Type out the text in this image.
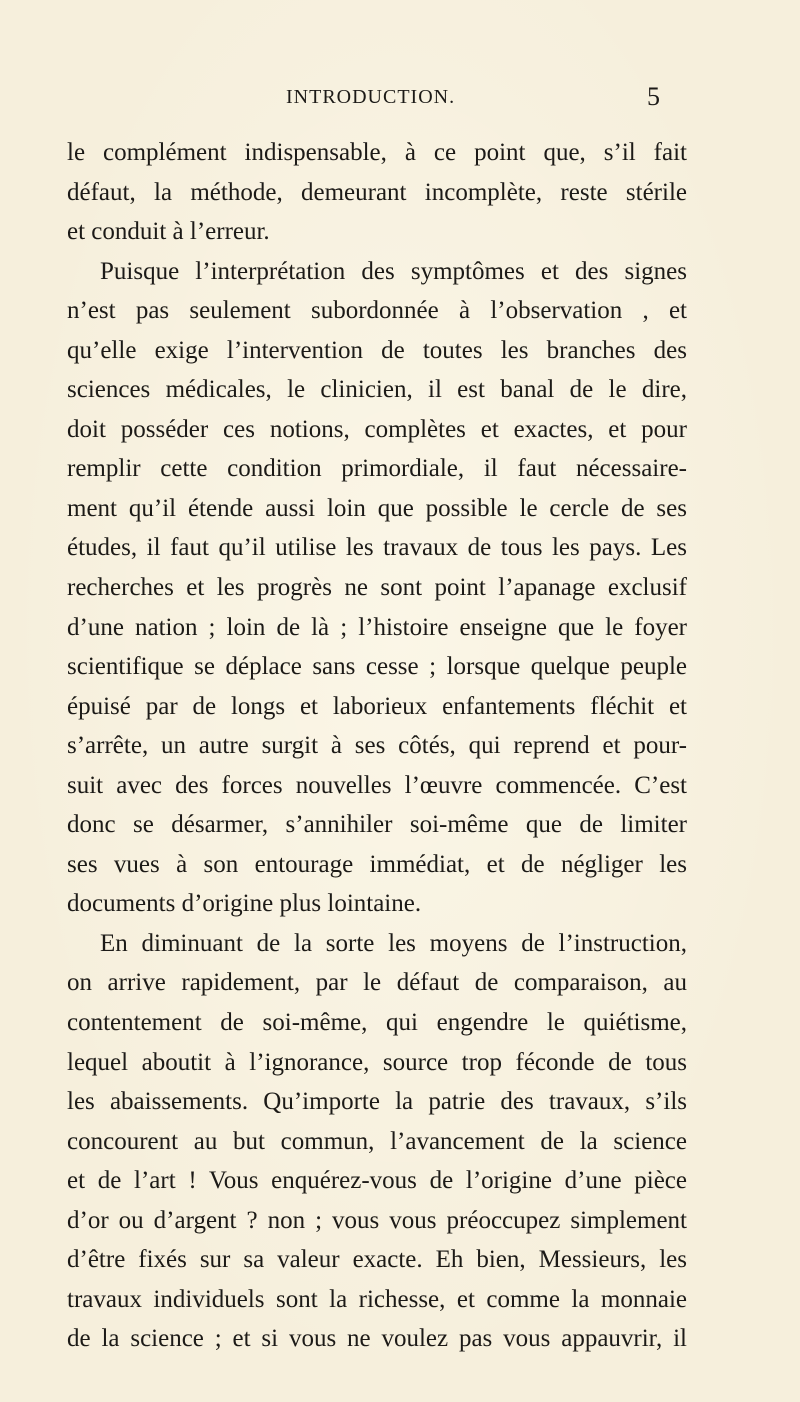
INTRODUCTION.	5
le complément indispensable, à ce point que, s’il fait
défaut, la méthode, demeurant incomplète, reste stérile
et conduit à l’erreur.
Puisque l’interprétation des symptômes et des signes
n’est pas seulement subordonnée à l’observation , et
qu’elle exige l’intervention de toutes les branches des
sciences médicales, le clinicien, il est banal de le dire,
doit posséder ces notions, complètes et exactes, et pour
remplir cette condition primordiale, il faut nécessaire-
ment qu’il étende aussi loin que possible le cercle de ses
études, il faut qu’il utilise les travaux de tous les pays. Les
recherches et les progrès ne sont point l’apanage exclusif
d’une nation ; loin de là ; l’histoire enseigne que le foyer
scientifique se déplace sans cesse ; lorsque quelque peuple
épuisé par de longs et laborieux enfantements fléchit et
s’arrête, un autre surgit à ses côtés, qui reprend et pour-
suit avec des forces nouvelles l’œuvre commencée. C’est
donc se désarmer, s’annihiler soi-même que de limiter
ses vues à son entourage immédiat, et de négliger les
documents d’origine plus lointaine.
En diminuant de la sorte les moyens de l’instruction,
on arrive rapidement, par le défaut de comparaison, au
contentement de soi-même, qui engendre le quiétisme,
lequel aboutit à l’ignorance, source trop féconde de tous
les abaissements. Qu’importe la patrie des travaux, s’ils
concourent au but commun, l’avancement de la science
et de l’art ! Vous enquérez-vous de l’origine d’une pièce
d’or ou d’argent ? non ; vous vous préoccupez simplement
d’être fixés sur sa valeur exacte. Eh bien, Messieurs, les
travaux individuels sont la richesse, et comme la monnaie
de la science ; et si vous ne voulez pas vous appauvrir, il
